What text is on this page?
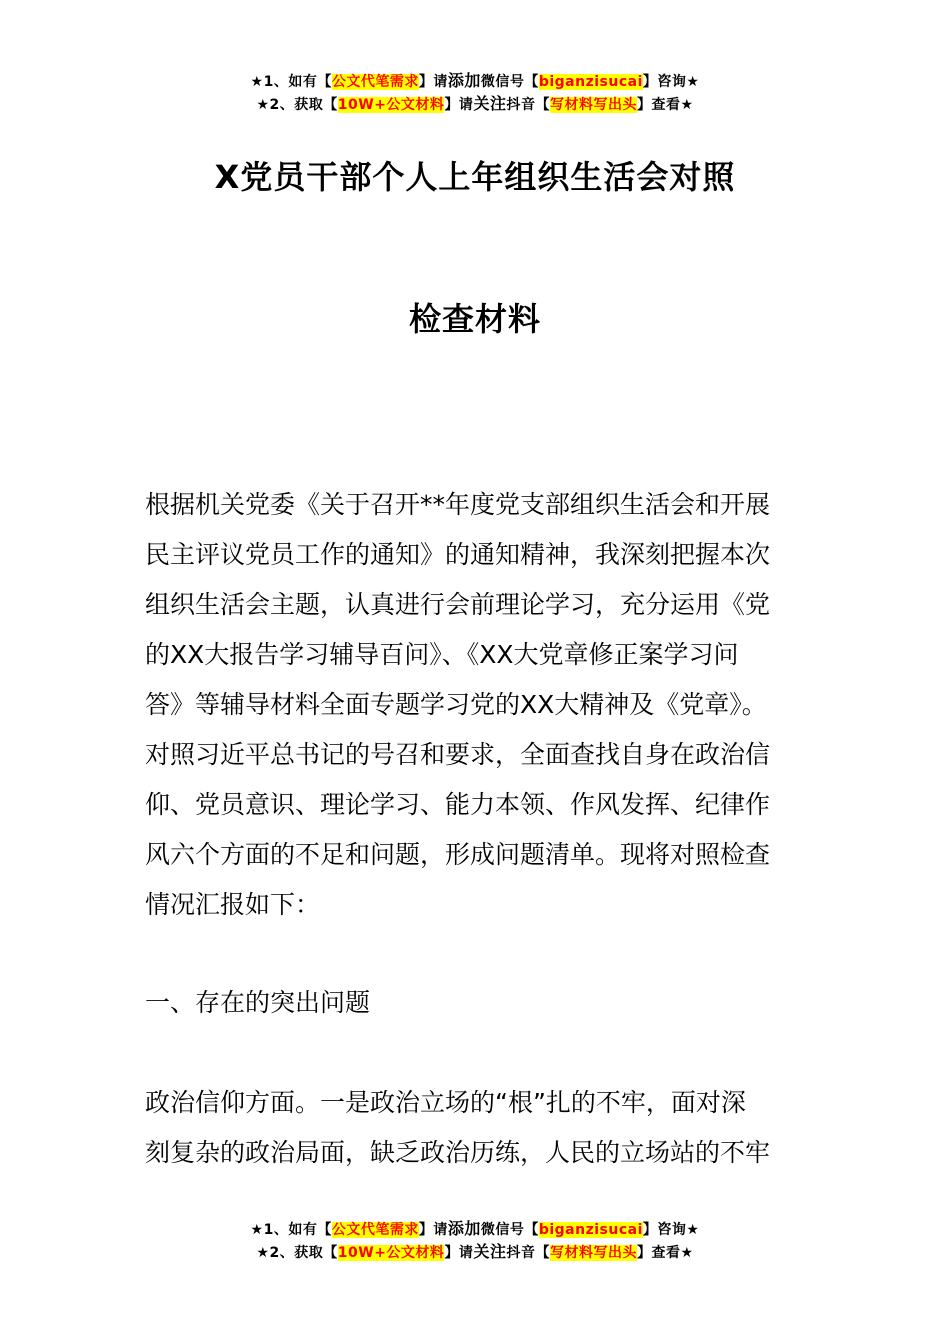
★1、如有【公文代笔需求】请添加微信号【biganzisucai】咨询★
★2、获取【10W+公文材料】请关注抖音【写材料写出头】查看★
X党员干部个人上年组织生活会对照
检查材料
根据机关党委《关于召开**年度党支部组织生活会和开展
民主评议党员工作的通知》的通知精神，我深刻把握本次
组织生活会主题，认真进行会前理论学习，充分运用《党
的XX大报告学习辅导百问》、《XX大党章修正案学习问
答》等辅导材料全面专题学习党的XX大精神及《党章》。
对照习近平总书记的号召和要求，全面查找自身在政治信
仰、党员意识、理论学习、能力本领、作风发挥、纪律作
风六个方面的不足和问题，形成问题清单。现将对照检查
情况汇报如下：
一、存在的突出问题
政治信仰方面。一是政治立场的“根”扎的不牢，面对深
刻复杂的政治局面，缺乏政治历练，人民的立场站的不牢
★1、如有【公文代笔需求】请添加微信号【biganzisucai】咨询★
★2、获取【10W+公文材料】请关注抖音【写材料写出头】查看★
